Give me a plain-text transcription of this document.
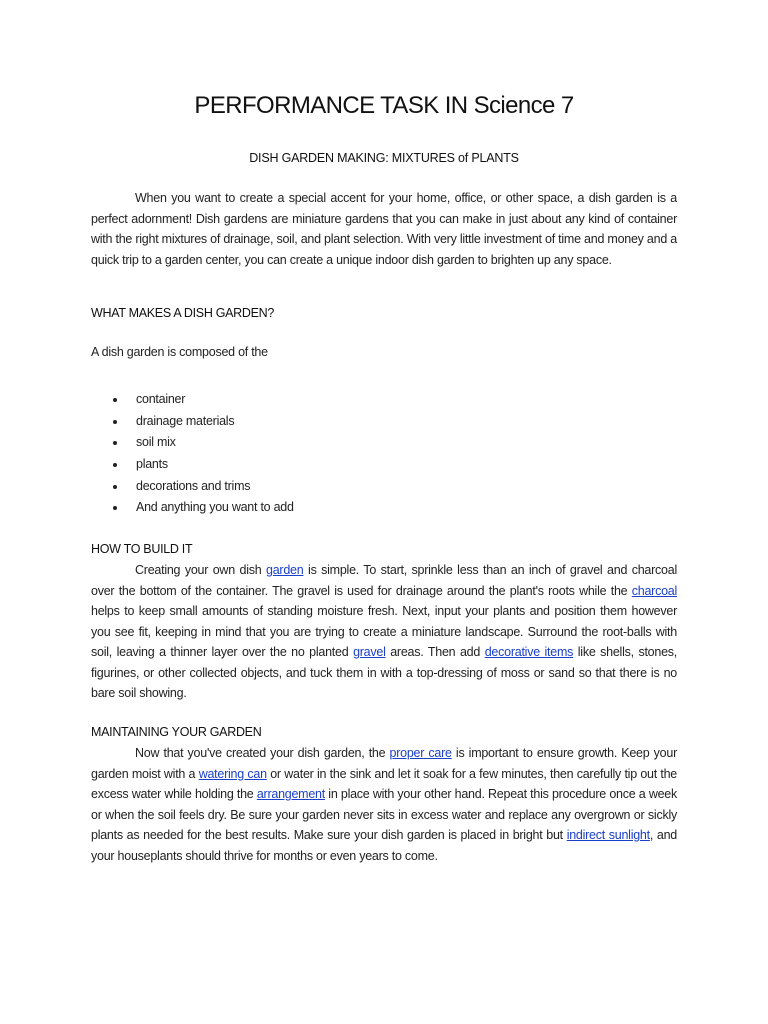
PERFORMANCE TASK IN Science 7
DISH GARDEN MAKING: MIXTURES of PLANTS

When you want to create a special accent for your home, office, or other space, a dish garden is a perfect adornment! Dish gardens are miniature gardens that you can make in just about any kind of container with the right mixtures of drainage, soil, and plant selection. With very little investment of time and money and a quick trip to a garden center, you can create a unique indoor dish garden to brighten up any space.

WHAT MAKES A DISH GARDEN?

A dish garden is composed of the

container
drainage materials
soil mix
plants
decorations and trims
And anything you want to add

HOW TO BUILD IT

Creating your own dish garden is simple. To start, sprinkle less than an inch of gravel and charcoal over the bottom of the container. The gravel is used for drainage around the plant's roots while the charcoal helps to keep small amounts of standing moisture fresh. Next, input your plants and position them however you see fit, keeping in mind that you are trying to create a miniature landscape. Surround the root-balls with soil, leaving a thinner layer over the no planted gravel areas. Then add decorative items like shells, stones, figurines, or other collected objects, and tuck them in with a top-dressing of moss or sand so that there is no bare soil showing.

MAINTAINING YOUR GARDEN

Now that you've created your dish garden, the proper care is important to ensure growth. Keep your garden moist with a watering can or water in the sink and let it soak for a few minutes, then carefully tip out the excess water while holding the arrangement in place with your other hand. Repeat this procedure once a week or when the soil feels dry. Be sure your garden never sits in excess water and replace any overgrown or sickly plants as needed for the best results. Make sure your dish garden is placed in bright but indirect sunlight, and your houseplants should thrive for months or even years to come.
